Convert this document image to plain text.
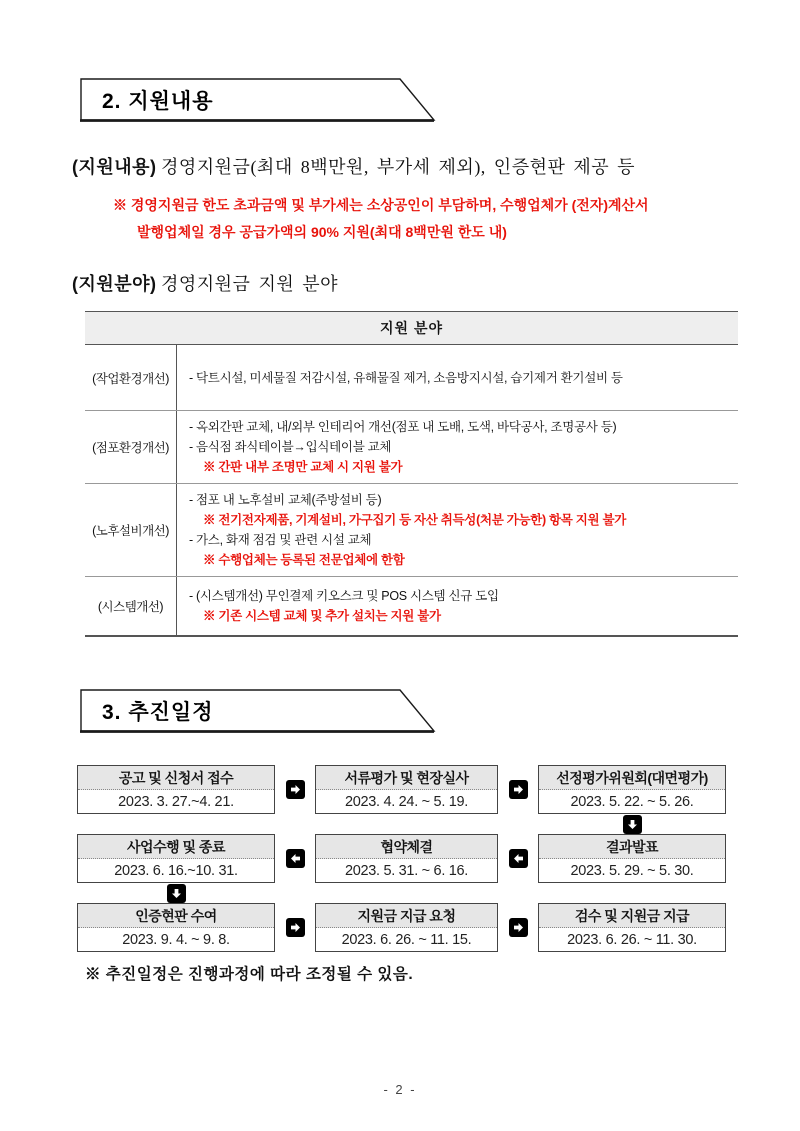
2. 지원내용
(지원내용) 경영지원금(최대 8백만원, 부가세 제외), 인증현판 제공 등
※ 경영지원금 한도 초과금액 및 부가세는 소상공인이 부담하며, 수행업체가 (전자)계산서
발행업체일 경우 공급가액의 90% 지원(최대 8백만원 한도 내)
(지원분야) 경영지원금 지원 분야
지원 분야
(작업환경개선)	- 닥트시설, 미세물질 저감시설, 유해물질 제거, 소음방지시설, 습기제거 환기설비 등
(점포환경개선)
- 옥외간판 교체, 내/외부 인테리어 개선(점포 내 도배, 도색, 바닥공사, 조명공사 등)
- 음식점 좌식테이블→입식테이블 교체
※ 간판 내부 조명만 교체 시 지원 불가
(노후설비개선)
- 점포 내 노후설비 교체(주방설비 등)
※ 전기전자제품, 기계설비, 가구집기 등 자산 취득성(처분 가능한) 항목 지원 불가
- 가스, 화재 점검 및 관련 시설 교체
※ 수행업체는 등록된 전문업체에 한함
(시스템개선)
- (시스템개선) 무인결제 키오스크 및 POS 시스템 신규 도입
※ 기존 시스템 교체 및 추가 설치는 지원 불가
3. 추진일정
공고 및 신청서 접수
2023. 3. 27.~4. 21.
서류평가 및 현장실사
2023. 4. 24. ~ 5. 19.
선정평가위원회(대면평가)
2023. 5. 22. ~ 5. 26.
사업수행 및 종료
2023. 6. 16.~10. 31.
협약체결
2023. 5. 31. ~ 6. 16.
결과발표
2023. 5. 29. ~ 5. 30.
인증현판 수여
2023. 9. 4. ~ 9. 8.
지원금 지급 요청
2023. 6. 26. ~ 11. 15.
검수 및 지원금 지급
2023. 6. 26. ~ 11. 30.
※ 추진일정은 진행과정에 따라 조정될 수 있음.
- 2 -
